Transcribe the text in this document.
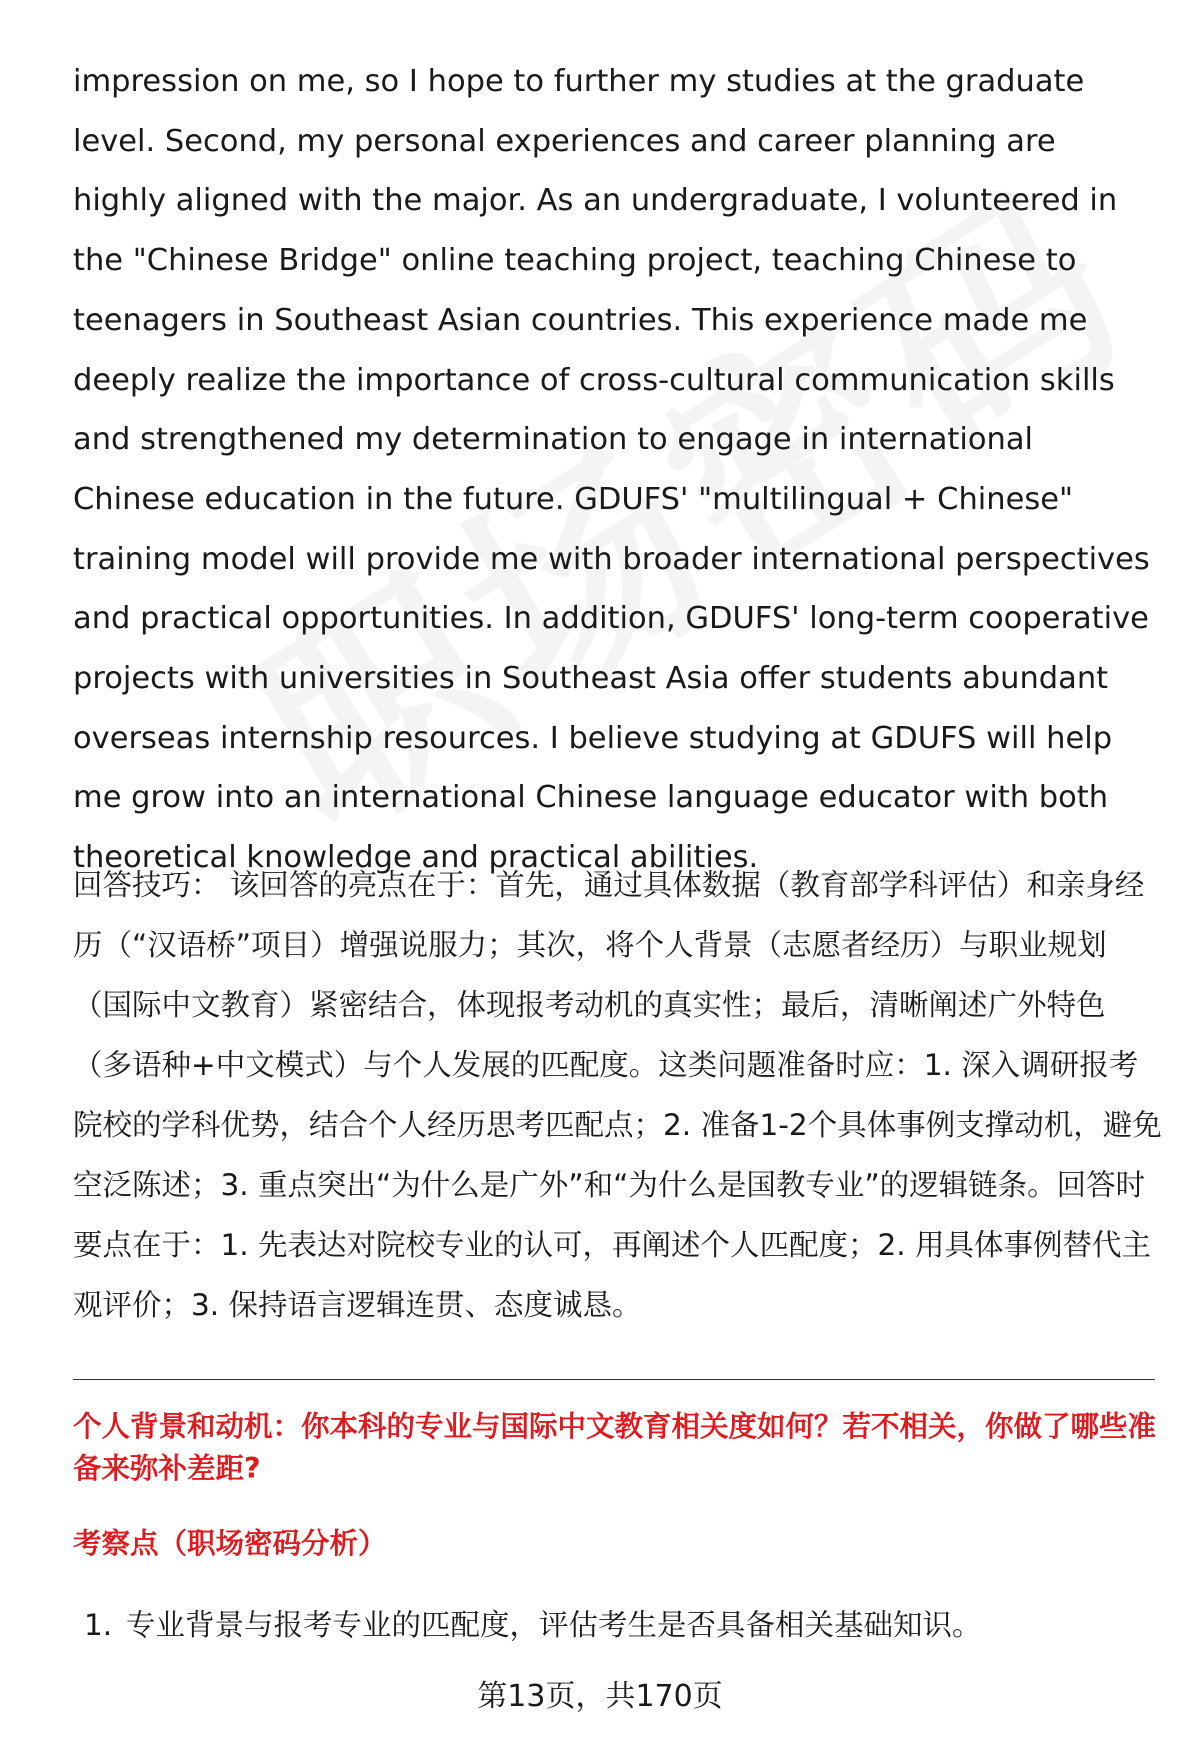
impression on me, so I hope to further my studies at the graduate level. Second, my personal experiences and career planning are highly aligned with the major. As an undergraduate, I volunteered in the "Chinese Bridge" online teaching project, teaching Chinese to teenagers in Southeast Asian countries. This experience made me deeply realize the importance of cross-cultural communication skills and strengthened my determination to engage in international Chinese education in the future. GDUFS' "multilingual + Chinese" training model will provide me with broader international perspectives and practical opportunities. In addition, GDUFS' long-term cooperative projects with universities in Southeast Asia offer students abundant overseas internship resources. I believe studying at GDUFS will help me grow into an international Chinese language educator with both theoretical knowledge and practical abilities.

回答技巧： 该回答的亮点在于：首先，通过具体数据（教育部学科评估）和亲身经历（“汉语桥”项目）增强说服力；其次，将个人背景（志愿者经历）与职业规划（国际中文教育）紧密结合，体现报考动机的真实性；最后，清晰阐述广外特色（多语种+中文模式）与个人发展的匹配度。这类问题准备时应：1. 深入调研报考院校的学科优势，结合个人经历思考匹配点；2. 准备1-2个具体事例支撑动机，避免空泛陈述；3. 重点突出“为什么是广外”和“为什么是国教专业”的逻辑链条。回答时要点在于：1. 先表达对院校专业的认可，再阐述个人匹配度；2. 用具体事例替代主观评价；3. 保持语言逻辑连贯、态度诚恳。

个人背景和动机：你本科的专业与国际中文教育相关度如何？若不相关，你做了哪些准备来弥补差距?

考察点（职场密码分析）
1. 专业背景与报考专业的匹配度，评估考生是否具备相关基础知识。
第13页，共170页
